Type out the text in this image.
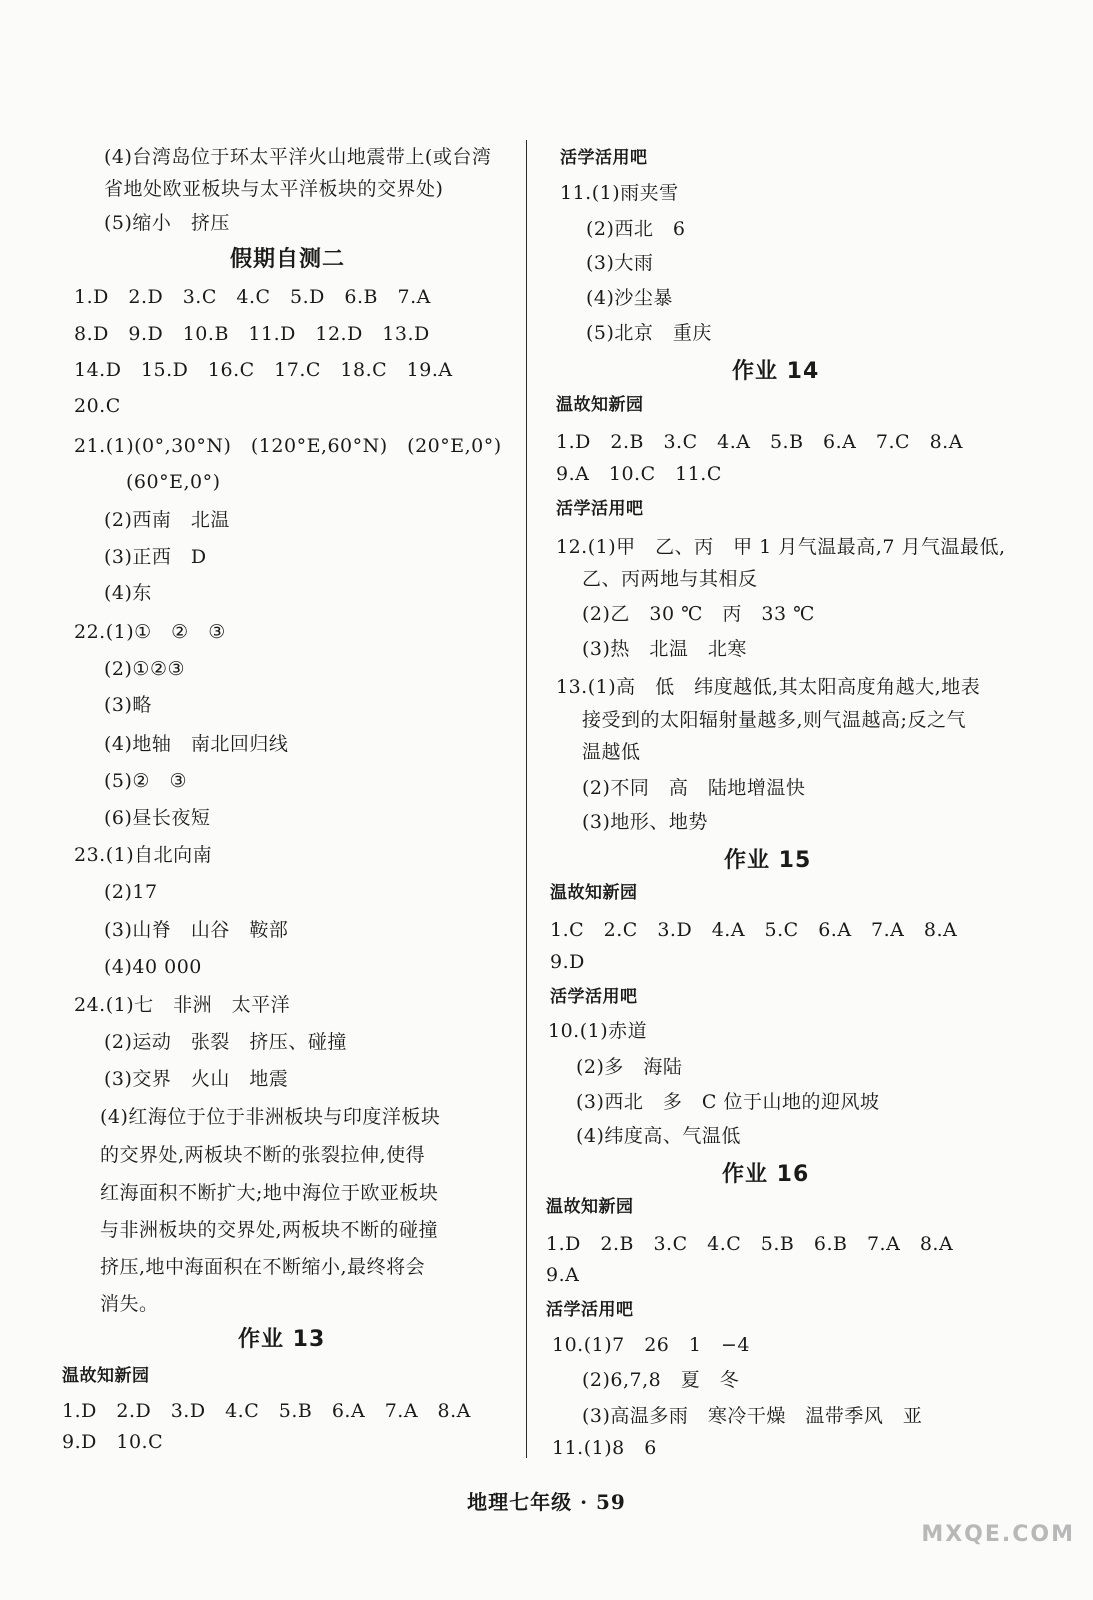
(4)台湾岛位于环太平洋火山地震带上(或台湾
省地处欧亚板块与太平洋板块的交界处)
(5)缩小　挤压
假期自测二
1.D　2.D　3.C　4.C　5.D　6.B　7.A
8.D　9.D　10.B　11.D　12.D　13.D
14.D　15.D　16.C　17.C　18.C　19.A
20.C
21.(1)(0°,30°N)　(120°E,60°N)　(20°E,0°)
(60°E,0°)
(2)西南　北温
(3)正西　D
(4)东
22.(1)①　②　③
(2)①②③
(3)略
(4)地轴　南北回归线
(5)②　③
(6)昼长夜短
23.(1)自北向南
(2)17
(3)山脊　山谷　鞍部
(4)40 000
24.(1)七　非洲　太平洋
(2)运动　张裂　挤压、碰撞
(3)交界　火山　地震
(4)红海位于位于非洲板块与印度洋板块
的交界处,两板块不断的张裂拉伸,使得
红海面积不断扩大;地中海位于欧亚板块
与非洲板块的交界处,两板块不断的碰撞
挤压,地中海面积在不断缩小,最终将会
消失。
作业 13
温故知新园
1.D　2.D　3.D　4.C　5.B　6.A　7.A　8.A
9.D　10.C
活学活用吧
11.(1)雨夹雪
(2)西北　6
(3)大雨
(4)沙尘暴
(5)北京　重庆
作业 14
温故知新园
1.D　2.B　3.C　4.A　5.B　6.A　7.C　8.A
9.A　10.C　11.C
活学活用吧
12.(1)甲　乙、丙　甲 1 月气温最高,7 月气温最低,
乙、丙两地与其相反
(2)乙　30 ℃　丙　33 ℃
(3)热　北温　北寒
13.(1)高　低　纬度越低,其太阳高度角越大,地表
接受到的太阳辐射量越多,则气温越高;反之气
温越低
(2)不同　高　陆地增温快
(3)地形、地势
作业 15
温故知新园
1.C　2.C　3.D　4.A　5.C　6.A　7.A　8.A
9.D
活学活用吧
10.(1)赤道
(2)多　海陆
(3)西北　多　C 位于山地的迎风坡
(4)纬度高、气温低
作业 16
温故知新园
1.D　2.B　3.C　4.C　5.B　6.B　7.A　8.A
9.A
活学活用吧
10.(1)7　26　1　−4
(2)6,7,8　夏　冬
(3)高温多雨　寒冷干燥　温带季风　亚
11.(1)8　6
地理七年级 · 59
MXQE.COM
